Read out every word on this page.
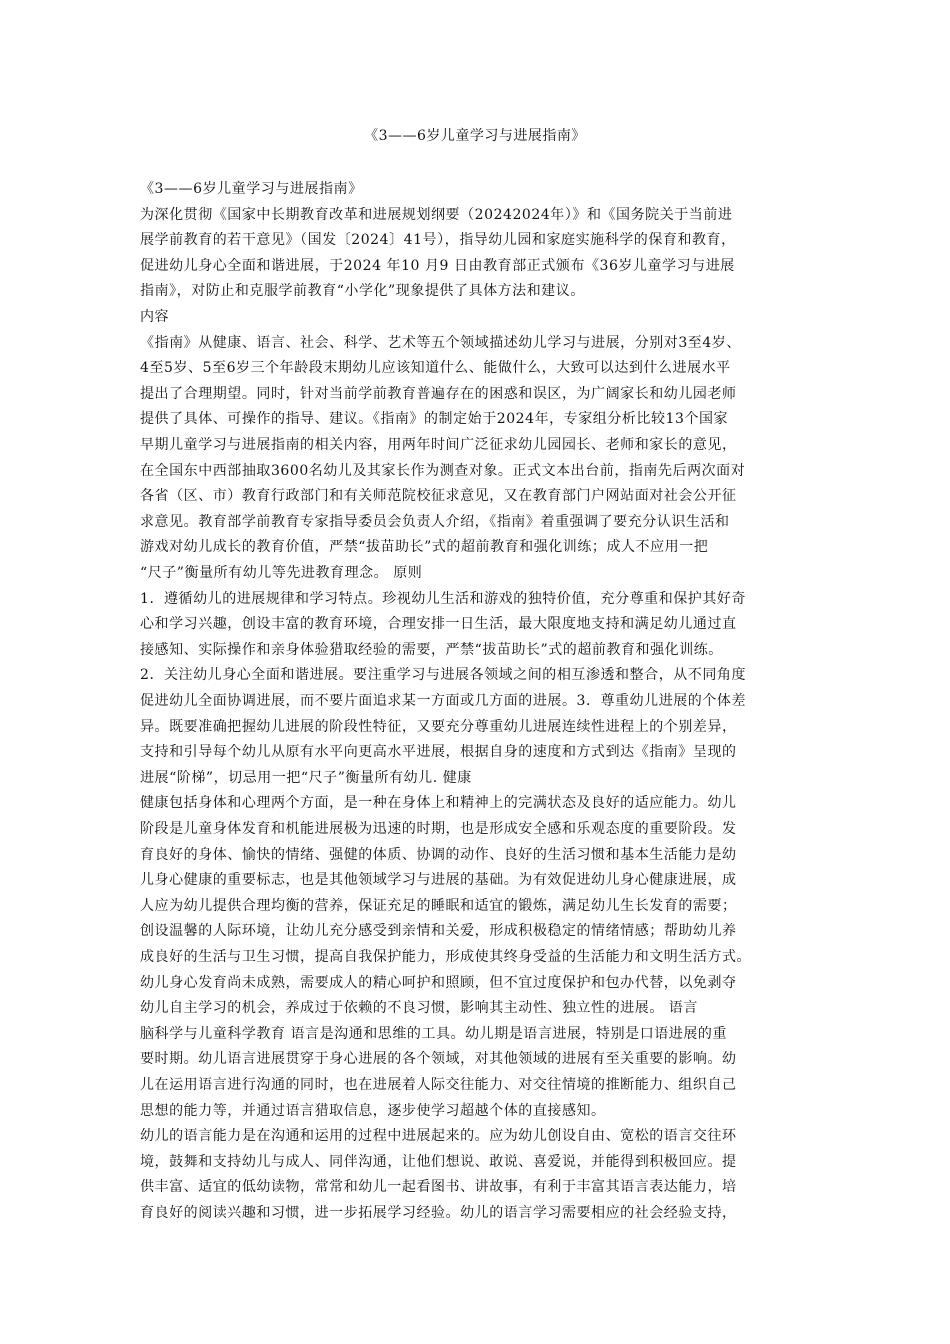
《3——6岁儿童学习与进展指南》
《3——6岁儿童学习与进展指南》
为深化贯彻《国家中长期教育改革和进展规划纲要（20242024年）》和《国务院关于当前进
展学前教育的若干意见》（国发〔2024〕41号），指导幼儿园和家庭实施科学的保育和教育，
促进幼儿身心全面和谐进展，于2024 年10 月9 日由教育部正式颁布《36岁儿童学习与进展
指南》，对防止和克服学前教育“小学化”现象提供了具体方法和建议。
内容
《指南》从健康、语言、社会、科学、艺术等五个领域描述幼儿学习与进展，分别对3至4岁、
4至5岁、5至6岁三个年龄段末期幼儿应该知道什么、能做什么，大致可以达到什么进展水平
提出了合理期望。同时，针对当前学前教育普遍存在的困惑和误区，为广阔家长和幼儿园老师
提供了具体、可操作的指导、建议。《指南》的制定始于2024年，专家组分析比较13个国家
早期儿童学习与进展指南的相关内容，用两年时间广泛征求幼儿园园长、老师和家长的意见，
在全国东中西部抽取3600名幼儿及其家长作为测查对象。正式文本出台前，指南先后两次面对
各省（区、市）教育行政部门和有关师范院校征求意见，又在教育部门户网站面对社会公开征
求意见。教育部学前教育专家指导委员会负责人介绍，《指南》着重强调了要充分认识生活和
游戏对幼儿成长的教育价值，严禁“拔苗助长”式的超前教育和强化训练；成人不应用一把
“尺子”衡量所有幼儿等先进教育理念。 原则
1．遵循幼儿的进展规律和学习特点。珍视幼儿生活和游戏的独特价值，充分尊重和保护其好奇
心和学习兴趣，创设丰富的教育环境，合理安排一日生活，最大限度地支持和满足幼儿通过直
接感知、实际操作和亲身体验猎取经验的需要，严禁“拔苗助长”式的超前教育和强化训练。
2．关注幼儿身心全面和谐进展。要注重学习与进展各领域之间的相互渗透和整合，从不同角度
促进幼儿全面协调进展，而不要片面追求某一方面或几方面的进展。3．尊重幼儿进展的个体差
异。既要准确把握幼儿进展的阶段性特征，又要充分尊重幼儿进展连续性进程上的个别差异，
支持和引导每个幼儿从原有水平向更高水平进展，根据自身的速度和方式到达《指南》呈现的
进展“阶梯”，切忌用一把“尺子”衡量所有幼儿. 健康
健康包括身体和心理两个方面，是一种在身体上和精神上的完满状态及良好的适应能力。幼儿
阶段是儿童身体发育和机能进展极为迅速的时期，也是形成安全感和乐观态度的重要阶段。发
育良好的身体、愉快的情绪、强健的体质、协调的动作、良好的生活习惯和基本生活能力是幼
儿身心健康的重要标志，也是其他领域学习与进展的基础。为有效促进幼儿身心健康进展，成
人应为幼儿提供合理均衡的营养，保证充足的睡眠和适宜的锻炼，满足幼儿生长发育的需要；
创设温馨的人际环境，让幼儿充分感受到亲情和关爱，形成积极稳定的情绪情感；帮助幼儿养
成良好的生活与卫生习惯，提高自我保护能力，形成使其终身受益的生活能力和文明生活方式。
幼儿身心发育尚未成熟，需要成人的精心呵护和照顾，但不宜过度保护和包办代替，以免剥夺
幼儿自主学习的机会，养成过于依赖的不良习惯，影响其主动性、独立性的进展。 语言
脑科学与儿童科学教育 语言是沟通和思维的工具。幼儿期是语言进展，特别是口语进展的重
要时期。幼儿语言进展贯穿于身心进展的各个领域，对其他领域的进展有至关重要的影响。幼
儿在运用语言进行沟通的同时，也在进展着人际交往能力、对交往情境的推断能力、组织自己
思想的能力等，并通过语言猎取信息，逐步使学习超越个体的直接感知。
幼儿的语言能力是在沟通和运用的过程中进展起来的。应为幼儿创设自由、宽松的语言交往环
境，鼓舞和支持幼儿与成人、同伴沟通，让他们想说、敢说、喜爱说，并能得到积极回应。提
供丰富、适宜的低幼读物，常常和幼儿一起看图书、讲故事，有利于丰富其语言表达能力，培
育良好的阅读兴趣和习惯，进一步拓展学习经验。幼儿的语言学习需要相应的社会经验支持，
